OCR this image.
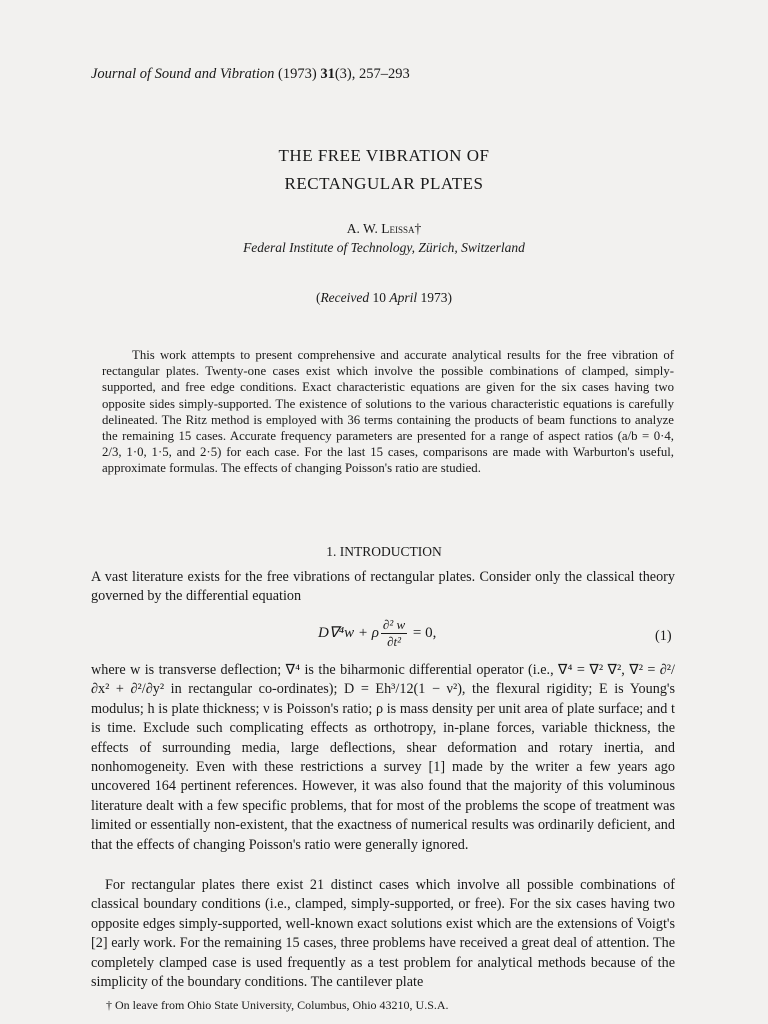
Journal of Sound and Vibration (1973) 31(3), 257–293
THE FREE VIBRATION OF
RECTANGULAR PLATES
A. W. Leissa†
Federal Institute of Technology, Zürich, Switzerland
(Received 10 April 1973)
This work attempts to present comprehensive and accurate analytical results for the free vibration of rectangular plates. Twenty-one cases exist which involve the possible combinations of clamped, simply-supported, and free edge conditions. Exact characteristic equations are given for the six cases having two opposite sides simply-supported. The existence of solutions to the various characteristic equations is carefully delineated. The Ritz method is employed with 36 terms containing the products of beam functions to analyze the remaining 15 cases. Accurate frequency parameters are presented for a range of aspect ratios (a/b = 0·4, 2/3, 1·0, 1·5, and 2·5) for each case. For the last 15 cases, comparisons are made with Warburton's useful, approximate formulas. The effects of changing Poisson's ratio are studied.
1. INTRODUCTION
A vast literature exists for the free vibrations of rectangular plates. Consider only the classical theory governed by the differential equation
D∇⁴w + ρ $\frac{\text{∂² w}}{\text{∂t²}} = 0$,	(1)
where w is transverse deflection; ∇⁴ is the biharmonic differential operator (i.e., ∇⁴ = ∇² ∇², ∇² = ∂²/∂x² + ∂²/∂y² in rectangular co-ordinates); D = Eh³/12(1 − ν²), the flexural rigidity; E is Young's modulus; h is plate thickness; ν is Poisson's ratio; ρ is mass density per unit area of plate surface; and t is time. Exclude such complicating effects as orthotropy, in-plane forces, variable thickness, the effects of surrounding media, large deflections, shear deformation and rotary inertia, and nonhomogeneity. Even with these restrictions a survey [1] made by the writer a few years ago uncovered 164 pertinent references. However, it was also found that the majority of this voluminous literature dealt with a few specific problems, that for most of the problems the scope of treatment was limited or essentially non-existent, that the exactness of numerical results was ordinarily deficient, and that the effects of changing Poisson's ratio were generally ignored.
For rectangular plates there exist 21 distinct cases which involve all possible combinations of classical boundary conditions (i.e., clamped, simply-supported, or free). For the six cases having two opposite edges simply-supported, well-known exact solutions exist which are the extensions of Voigt's [2] early work. For the remaining 15 cases, three problems have received a great deal of attention. The completely clamped case is used frequently as a test problem for analytical methods because of the simplicity of the boundary conditions. The cantilever plate
† On leave from Ohio State University, Columbus, Ohio 43210, U.S.A.
